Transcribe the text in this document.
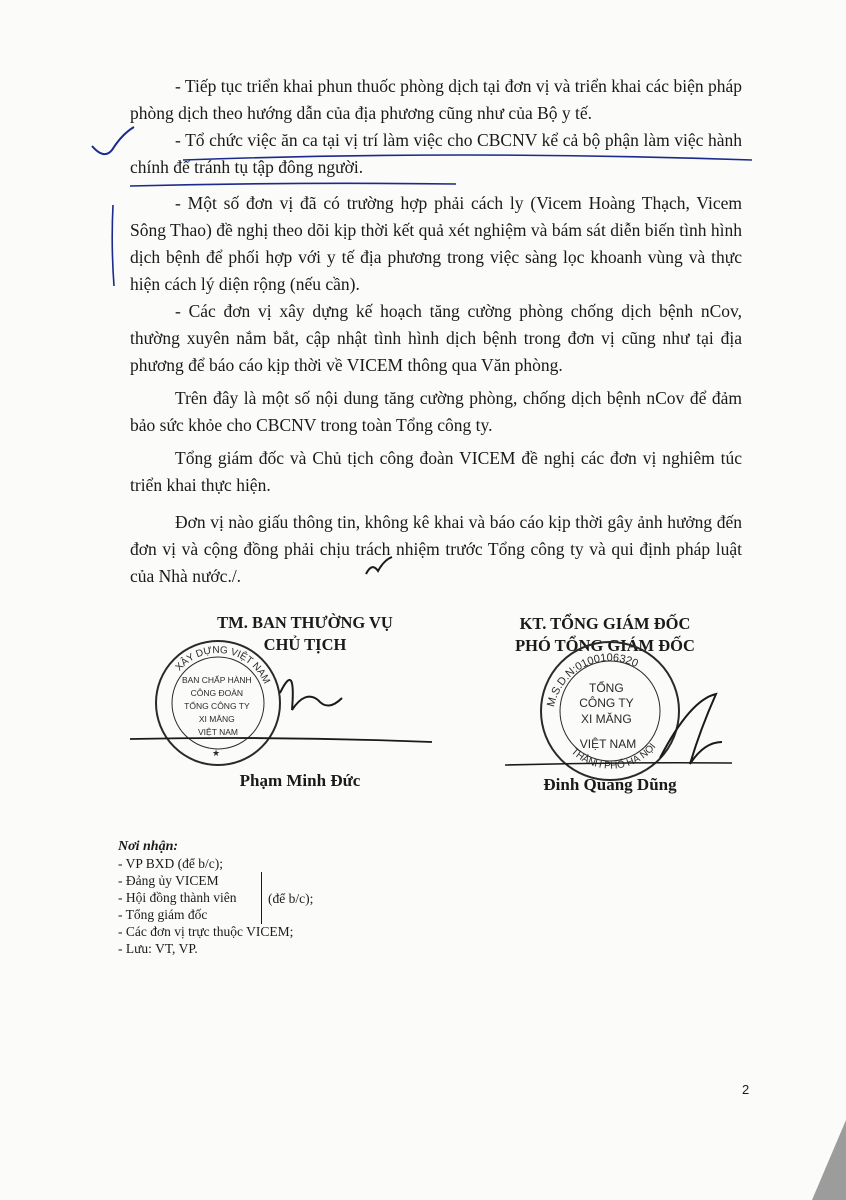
- Tiếp tục triển khai phun thuốc phòng dịch tại đơn vị và triển khai các biện pháp phòng dịch theo hướng dẫn của địa phương cũng như của Bộ y tế.

- Tổ chức việc ăn ca tại vị trí làm việc cho CBCNV kể cả bộ phận làm việc hành chính để tránh tụ tập đông người.

- Một số đơn vị đã có trường hợp phải cách ly (Vicem Hoàng Thạch, Vicem Sông Thao) đề nghị theo dõi kịp thời kết quả xét nghiệm và bám sát diễn biến tình hình dịch bệnh để phối hợp với y tế địa phương trong việc sàng lọc khoanh vùng và thực hiện cách lý diện rộng (nếu cần).

- Các đơn vị xây dựng kế hoạch tăng cường phòng chống dịch bệnh nCov, thường xuyên nắm bắt, cập nhật tình hình dịch bệnh trong đơn vị cũng như tại địa phương để báo cáo kịp thời về VICEM thông qua Văn phòng.

Trên đây là một số nội dung tăng cường phòng, chống dịch bệnh nCov để đảm bảo sức khỏe cho CBCNV trong toàn Tổng công ty.

Tổng giám đốc và Chủ tịch công đoàn VICEM đề nghị các đơn vị nghiêm túc triển khai thực hiện.

Đơn vị nào giấu thông tin, không kê khai và báo cáo kịp thời gây ảnh hưởng đến đơn vị và cộng đồng phải chịu trách nhiệm trước Tổng công ty và qui định pháp luật của Nhà nước./.

TM. BAN THƯỜNG VỤ
CHỦ TỊCH

KT. TỔNG GIÁM ĐỐC
PHÓ TỔNG GIÁM ĐỐC

Phạm Minh Đức	Đinh Quang Dũng

Nơi nhận:
- VP BXD (để b/c);
- Đảng ủy VICEM
- Hội đồng thành viên
- Tổng giám đốc
- Các đơn vị trực thuộc VICEM;
- Lưu: VT, VP.
(để b/c);
2
XÂY DỰNG VIỆT NAM
BAN CHẤP HÀNH CÔNG ĐOÀN TỔNG CÔNG TY XI MĂNG VIỆT NAM
★
M.S.D.N:0100106320
THÀNH PHỐ HÀ NỘI
TỔNG CÔNG TY XI MĂNG VIỆT NAM
